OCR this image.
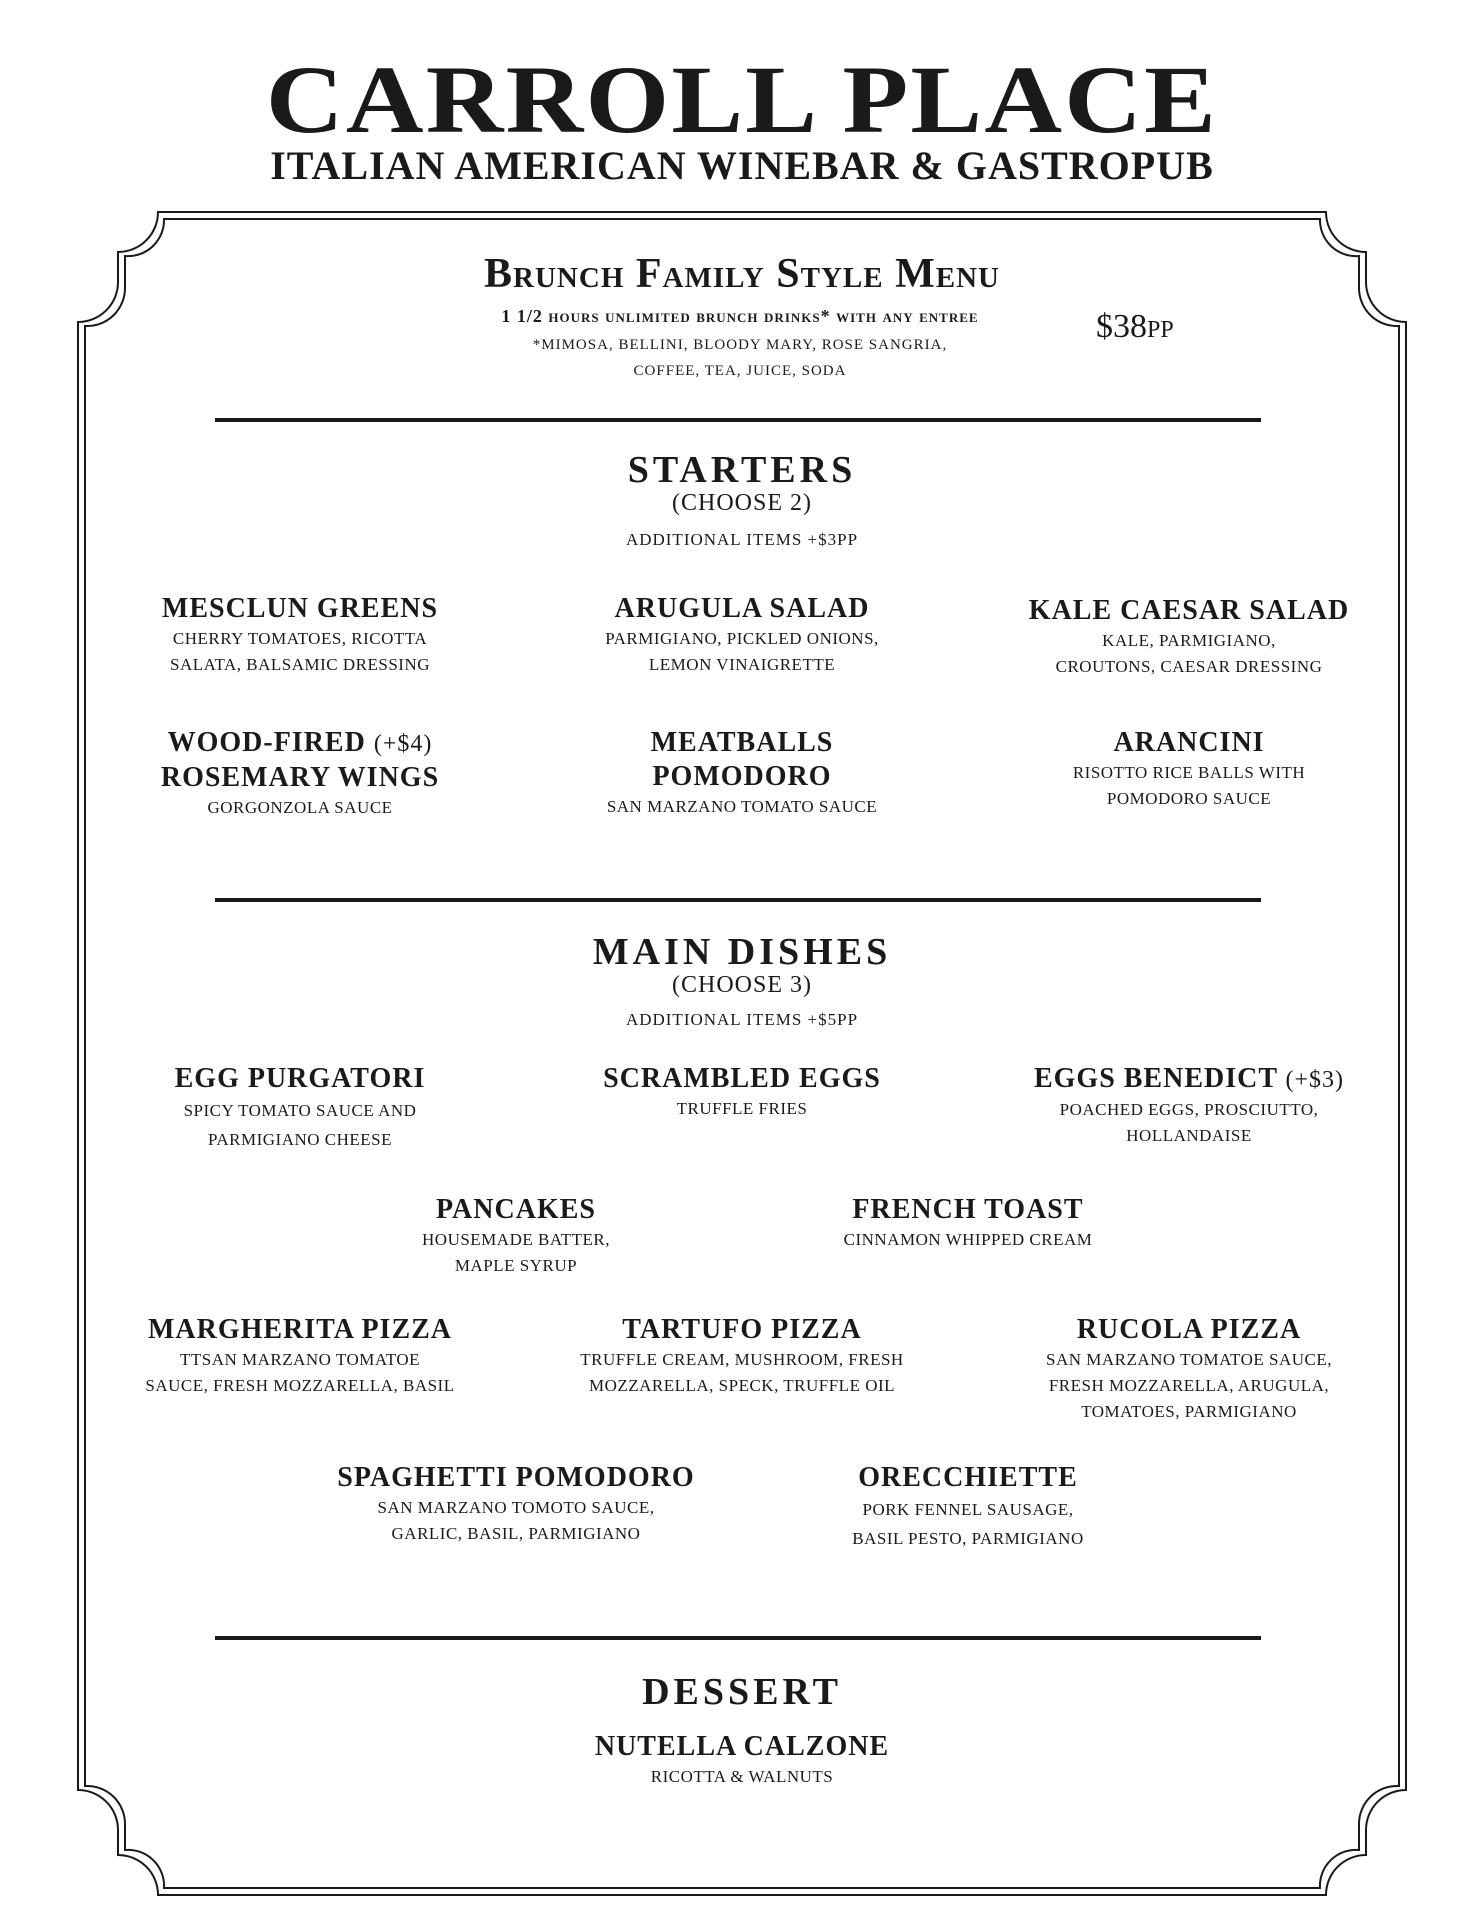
CARROLL PLACE
ITALIAN AMERICAN WINEBAR & GASTROPUB
Brunch Family Style Menu
1 1/2 hours unlimited brunch drinks* with any entree
*MIMOSA, BELLINI, BLOODY MARY, ROSE SANGRIA,
COFFEE, TEA, JUICE, SODA
$38PP
STARTERS
(CHOOSE 2)
ADDITIONAL ITEMS +$3PP
MESCLUN GREENS
CHERRY TOMATOES, RICOTTA
SALATA, BALSAMIC DRESSING
ARUGULA SALAD
PARMIGIANO, PICKLED ONIONS,
LEMON VINAIGRETTE
KALE CAESAR SALAD
KALE, PARMIGIANO,
CROUTONS, CAESAR DRESSING
WOOD-FIRED (+$4)
ROSEMARY WINGS
GORGONZOLA SAUCE
MEATBALLS
POMODORO
SAN MARZANO TOMATO SAUCE
ARANCINI
RISOTTO RICE BALLS WITH
POMODORO SAUCE
MAIN DISHES
(CHOOSE 3)
ADDITIONAL ITEMS +$5PP
EGG PURGATORI
SPICY TOMATO SAUCE AND
PARMIGIANO CHEESE
SCRAMBLED EGGS
TRUFFLE FRIES
EGGS BENEDICT (+$3)
POACHED EGGS, PROSCIUTTO,
HOLLANDAISE
PANCAKES
HOUSEMADE BATTER,
MAPLE SYRUP
FRENCH TOAST
CINNAMON WHIPPED CREAM
MARGHERITA PIZZA
TTSAN MARZANO TOMATOE
SAUCE, FRESH MOZZARELLA, BASIL
TARTUFO PIZZA
TRUFFLE CREAM, MUSHROOM, FRESH
MOZZARELLA, SPECK, TRUFFLE OIL
RUCOLA PIZZA
SAN MARZANO TOMATOE SAUCE,
FRESH MOZZARELLA, ARUGULA,
TOMATOES, PARMIGIANO
SPAGHETTI POMODORO
SAN MARZANO TOMOTO SAUCE,
GARLIC, BASIL, PARMIGIANO
ORECCHIETTE
PORK FENNEL SAUSAGE,
BASIL PESTO, PARMIGIANO
DESSERT
NUTELLA CALZONE
RICOTTA & WALNUTS
